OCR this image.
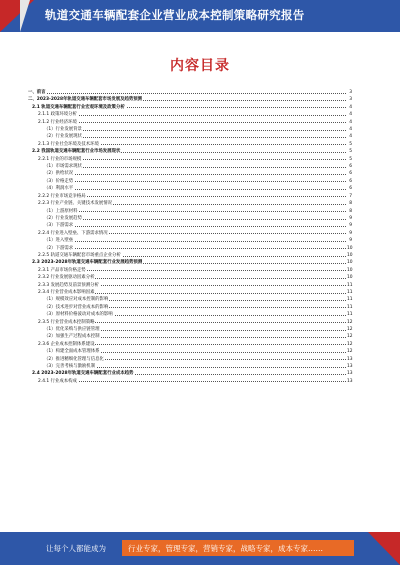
轨道交通车辆配套企业营业成本控制策略研究报告
内容目录
一、前言	3
二、2023-2028年轨道交通车辆配套市场发展及趋势预测	3
2.1 轨道交通车辆配套行业宏观环境及政策分析	4
2.1.1 政策环境分析	4
2.1.2 行业经济环境	4
（1）行业发展背景	4
（2）行业发展现状	4
2.1.3 行业社会环境及技术环境	5
2.2 我国轨道交通车辆配套行业市场发展现状	5
2.2.1 行业的市场规模	5
（1）市场需求现状	6
（2）供给状况	6
（3）价格走势	6
（4）利润水平	6
2.2.2 行业市场竞争格局	7
2.2.3 行业产业链、关键技术发展情况	8
（1）上游原材料	8
（2）行业发展趋势	9
（3）下游需求	9
2.2.4 行业进入壁垒、下游需求情况	9
（1）进入壁垒	9
（2）下游需求	10
2.2.5 轨道交通车辆配套市场重点企业分析	10
2.3 2023-2028年轨道交通车辆配套行业发展趋势预测	10
2.3.1 产品市场价格走势	10
2.3.2 行业发展驱动因素分析	10
2.3.3 发展趋势及前景预测分析	11
2.3.4 行业营业成本影响因素	11
（1）规模效应对成本控制的影响	11
（2）技术进步对营业成本的影响	11
（3）原材料价格波动对成本的影响	11
2.3.5 行业营业成本控制策略	12
（1）优化采购与供应链管理	12
（2）加强生产过程成本控制	12
2.3.6 企业成本控制体系建设	12
（1）构建全面成本管理体系	12
（2）推进精细化管理与信息化	13
（3）完善考核与激励机制	13
2.4 2023-2028年轨道交通车辆配套行业成本趋势	13
2.4.1 行业成本构成	13
让每个人都能成为	行业专家，管理专家，营销专家，战略专家，成本专家……
